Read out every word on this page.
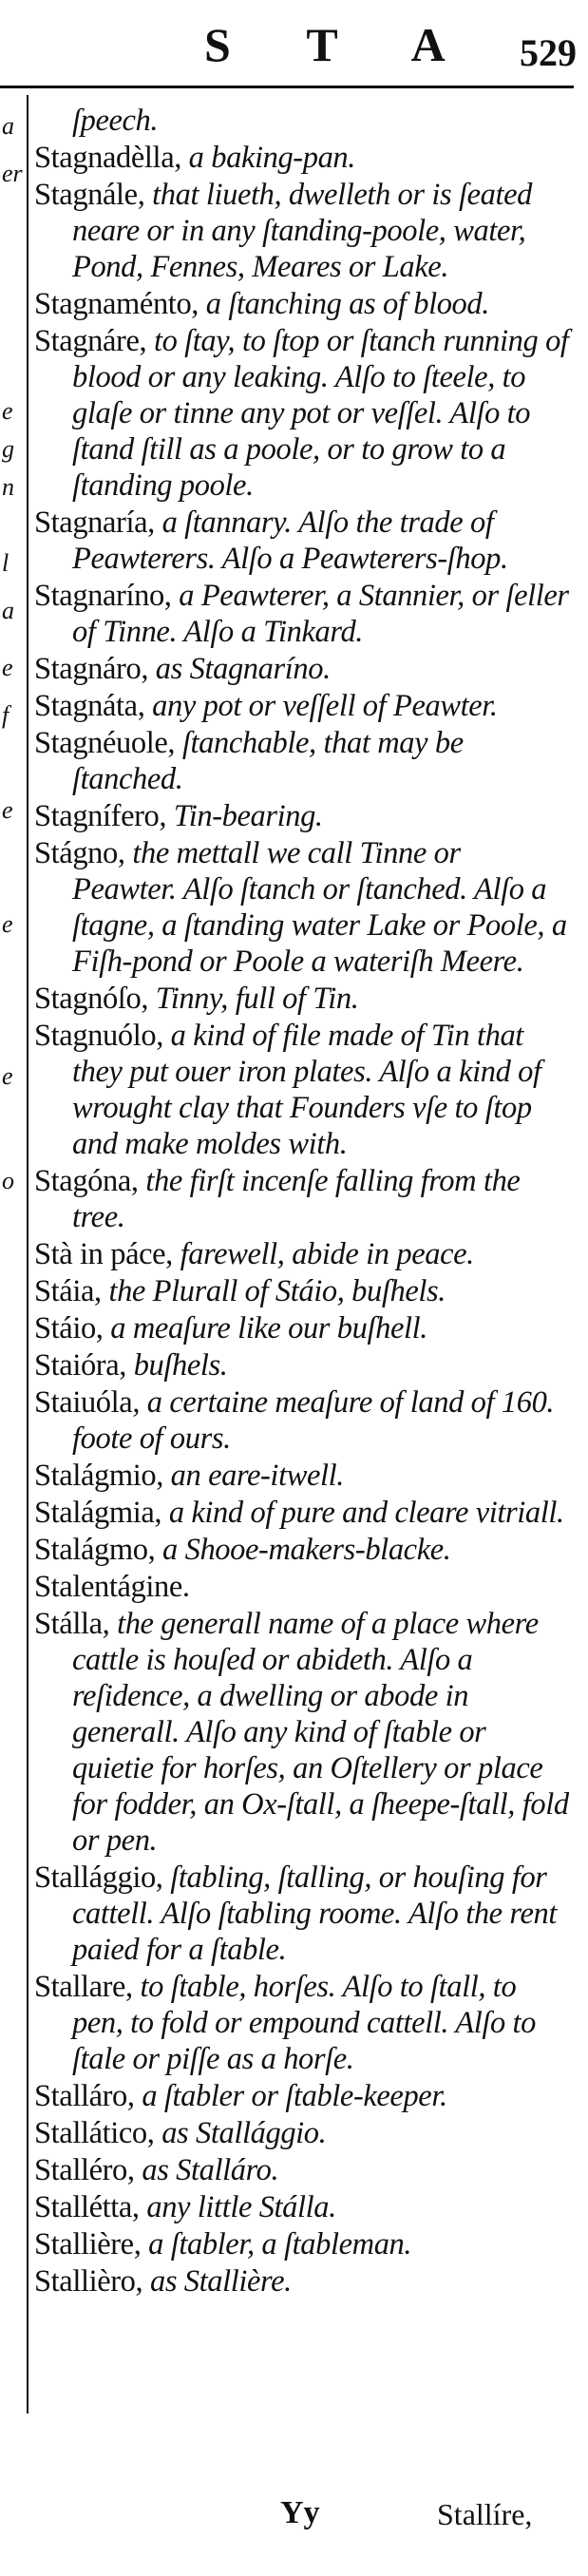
S T A 529
a
er
e
g
n
l
a
e
f
e
e
e
o
ſpeech.
Stagnadèlla, a baking-pan.
Stagnále, that liueth, dwelleth or is ſeated neare or in any ſtanding-poole, water, Pond, Fennes, Meares or Lake.
Stagnaménto, a ſtanching as of blood.
Stagnáre, to ſtay, to ſtop or ſtanch running of blood or any leaking. Alſo to ſteele, to glaſe or tinne any pot or veſſel. Alſo to ſtand ſtill as a poole, or to grow to a ſtanding poole.
Stagnaría, a ſtannary. Alſo the trade of Peawterers. Alſo a Peawterers-ſhop.
Stagnaríno, a Peawterer, a Stannier, or ſeller of Tinne. Alſo a Tinkard.
Stagnáro, as Stagnaríno.
Stagnáta, any pot or veſſell of Peawter.
Stagnéuole, ſtanchable, that may be ſtanched.
Stagnífero, Tin-bearing.
Stágno, the mettall we call Tinne or Peawter. Alſo ſtanch or ſtanched. Alſo a ſtagne, a ſtanding water Lake or Poole, a Fiſh-pond or Poole a wateriſh Meere.
Stagnóſo, Tinny, full of Tin.
Stagnuólo, a kind of file made of Tin that they put ouer iron plates. Alſo a kind of wrought clay that Founders vſe to ſtop and make moldes with.
Stagóna, the firſt incenſe falling from the tree.
Stà in páce, farewell, abide in peace.
Stáia, the Plurall of Stáio, buſhels.
Stáio, a meaſure like our buſhell.
Staióra, buſhels.
Staiuóla, a certaine meaſure of land of 160. foote of ours.
Stalágmio, an eare-itwell.
Stalágmia, a kind of pure and cleare vitriall.
Stalágmo, a Shooe-makers-blacke.
Stalentágine.
Stálla, the generall name of a place where cattle is houſed or abideth. Alſo a reſidence, a dwelling or abode in generall. Alſo any kind of ſtable or quietie for horſes, an Oſtellery or place for fodder, an Ox-ſtall, a ſheepe-ſtall, fold or pen.
Stallággio, ſtabling, ſtalling, or houſing for cattell. Alſo ſtabling roome. Alſo the rent paied for a ſtable.
Stallare, to ſtable, horſes. Alſo to ſtall, to pen, to fold or empound cattell. Alſo to ſtale or piſſe as a horſe.
Stalláro, a ſtabler or ſtable-keeper.
Stallático, as Stallággio.
Stalléro, as Stalláro.
Stallétta, any little Stálla.
Stallière, a ſtabler, a ſtableman.
Stallièro, as Stallière.
Yy	Stallíre,
